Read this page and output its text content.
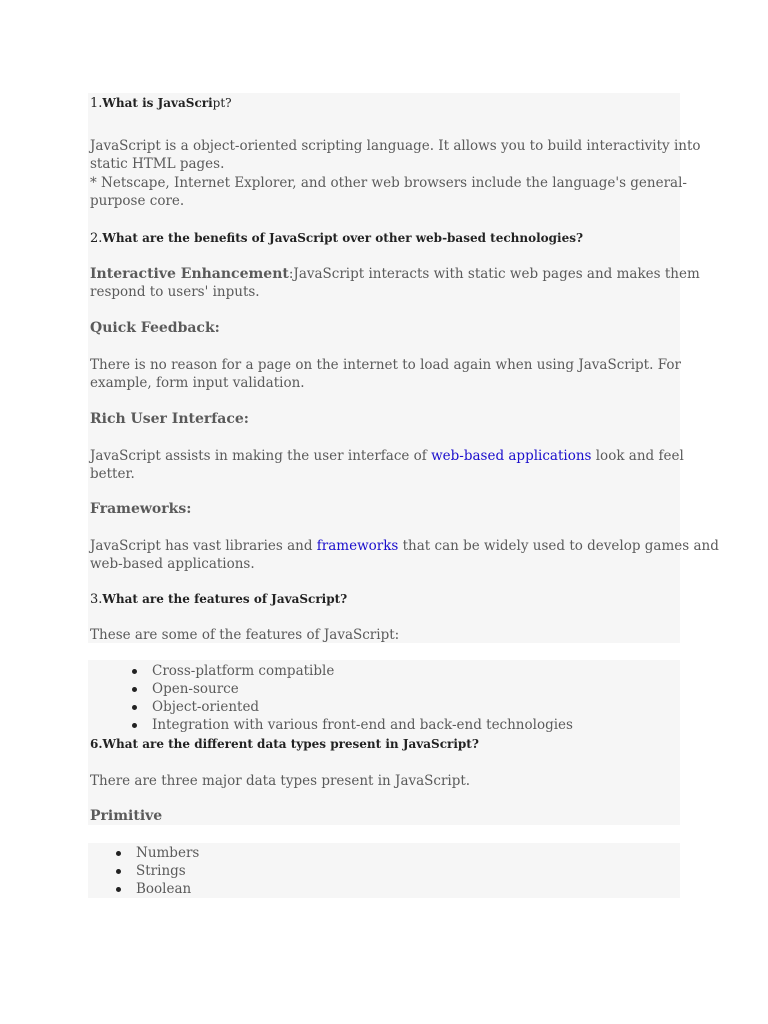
1.What is JavaScript?
JavaScript is a object-oriented scripting language. It allows you to build interactivity into
static HTML pages.
* Netscape, Internet Explorer, and other web browsers include the language's general-
purpose core.
2.What are the benefits of JavaScript over other web-based technologies?
Interactive Enhancement:JavaScript interacts with static web pages and makes them
respond to users' inputs.
Quick Feedback:
There is no reason for a page on the internet to load again when using JavaScript. For
example, form input validation.
Rich User Interface:
JavaScript assists in making the user interface of web-based applications look and feel
better.
Frameworks:
JavaScript has vast libraries and frameworks that can be widely used to develop games and
web-based applications.
3.What are the features of JavaScript?
These are some of the features of JavaScript:
Cross-platform compatible
Open-source
Object-oriented
Integration with various front-end and back-end technologies
6.What are the different data types present in JavaScript?
There are three major data types present in JavaScript.
Primitive
Numbers
Strings
Boolean
